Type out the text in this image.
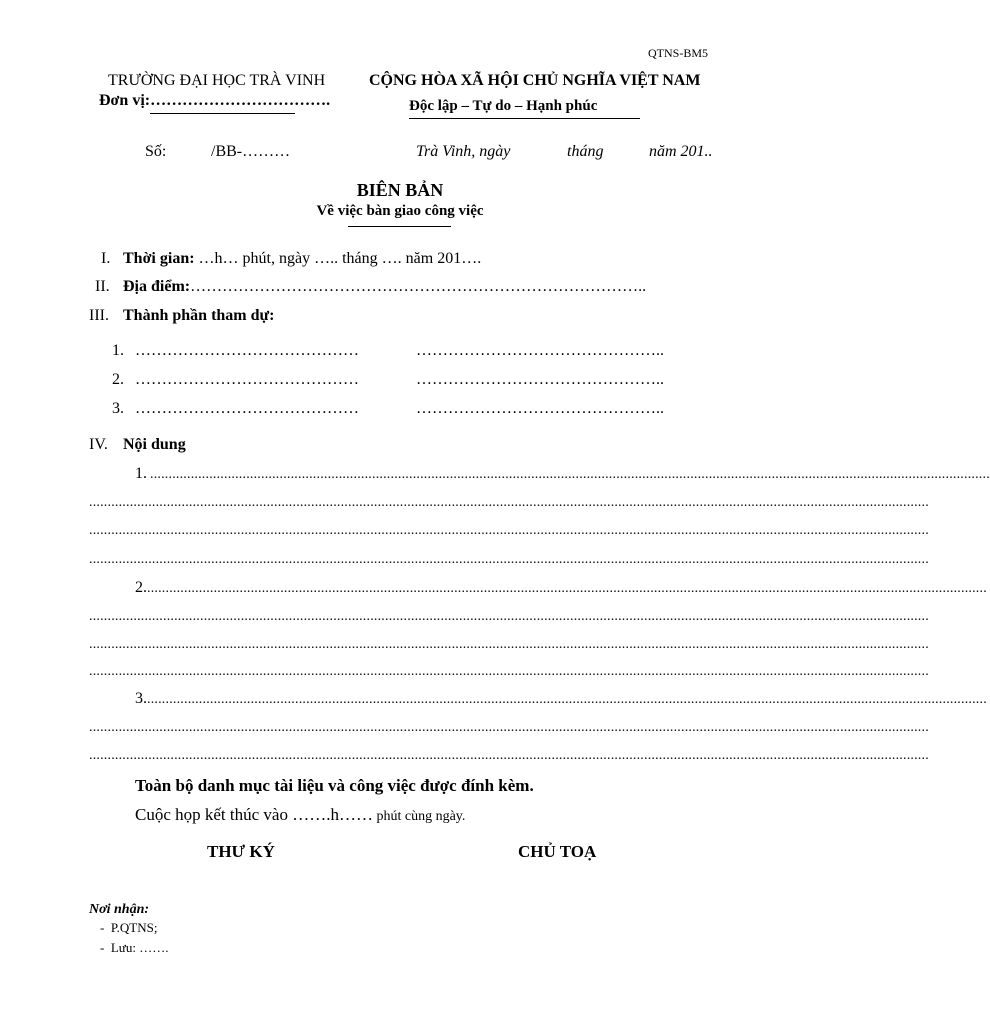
QTNS-BM5
TRƯỜNG ĐẠI HỌC TRÀ VINH
Đơn vị:…………………………….
CỘNG HÒA XÃ HỘI CHỦ NGHĨA VIỆT NAM
Độc lập – Tự do – Hạnh phúc
Số:	/BB-………	Trà Vinh, ngày	tháng	năm 201..
BIÊN BẢN
Về việc bàn giao công việc
I. Thời gian: …h… phút, ngày ….. tháng …. năm 201….
II. Địa điểm:…………………………………………………………………………..
III. Thành phần tham dự:
1. ……………………………………	………………………………………..
2. ……………………………………	………………………………………..
3. ……………………………………	………………………………………..
IV. Nội dung
1. ...................................................................................................................................................................................................................................
...................................................................................................................................................................................................................................
...................................................................................................................................................................................................................................
...................................................................................................................................................................................................................................
2. ...................................................................................................................................................................................................................................
...................................................................................................................................................................................................................................
...................................................................................................................................................................................................................................
...................................................................................................................................................................................................................................
3. ...................................................................................................................................................................................................................................
...................................................................................................................................................................................................................................
...................................................................................................................................................................................................................................
Toàn bộ danh mục tài liệu và công việc được đính kèm.
Cuộc họp kết thúc vào …….h…… phút cùng ngày.
THƯ KÝ	CHỦ TOẠ
Nơi nhận:
-  P.QTNS;
-  Lưu: …….
